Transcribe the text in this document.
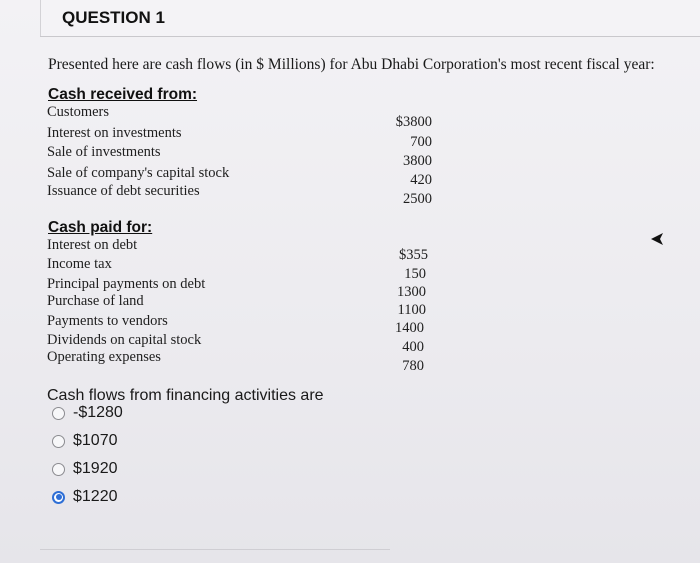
QUESTION 1
Presented here are cash flows (in $ Millions) for Abu Dhabi Corporation's most recent fiscal year:
Cash received from:
Customers
Interest on investments
Sale of investments
Sale of company's capital stock
Issuance of debt securities
$3800
700
3800
420
2500
Cash paid for:
Interest on debt
Income tax
Principal payments on debt
Purchase of land
Payments to vendors
Dividends on capital stock
Operating expenses
$355
150
1300
1100
1400
400
780
Cash flows from financing activities are
-$1280
$1070
$1920
$1220
